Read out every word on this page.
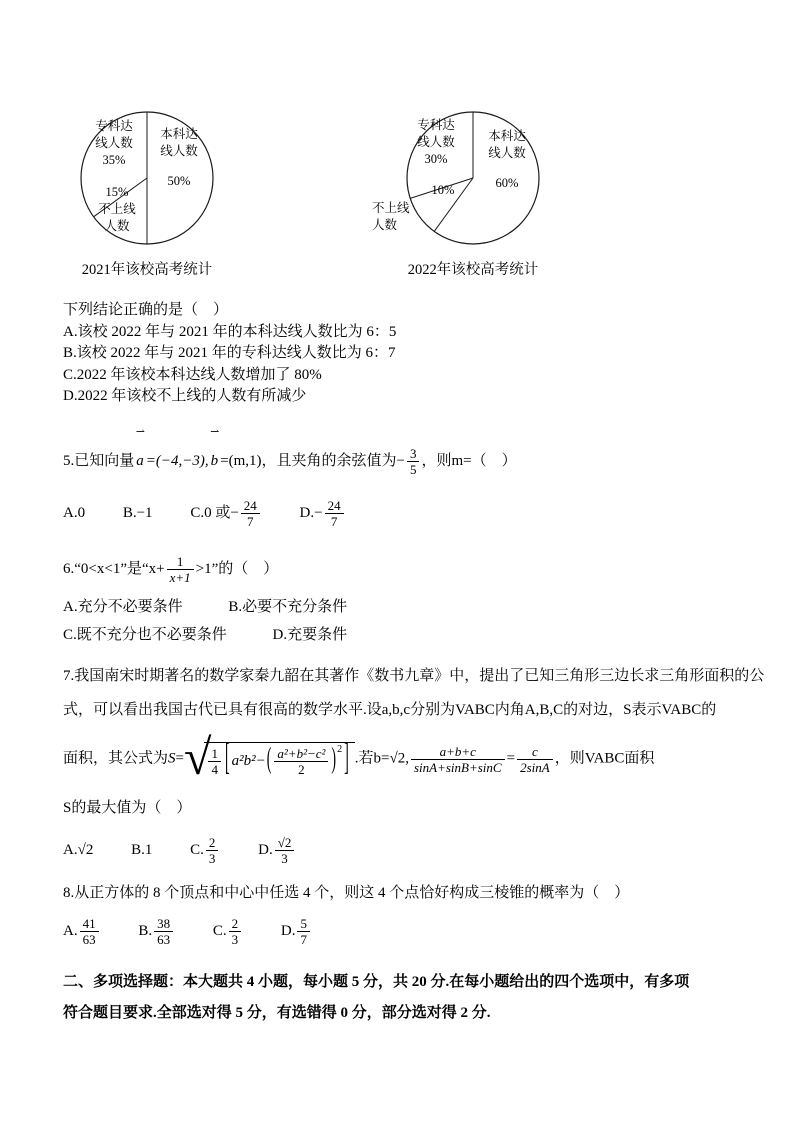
本科达
线人数
50%
专科达
线人数
35%
15%
不上线
人数
2021年该校高考统计
本科达
线人数
60%
专科达
线人数
30%
10%
不上线
人数
2022年该校高考统计

下列结论正确的是（　）

A.该校 2022 年与 2021 年的本科达线人数比为 6：5

B.该校 2022 年与 2021 年的专科达线人数比为 6：7

C.2022 年该校本科达线人数增加了 80%

D.2022 年该校不上线的人数有所减少

5.已知向量
⇀
a =(−4,−3),
⇀
b =(m,1)，且夹角的余弦值为− $\frac{3}{5}$ ，则m=（　）

A.0	B.−1	C.0 或− $\frac{24}{7}$	$D.- \frac{24}{7}$

6.“0<x<1”是“$x+ \frac{1}{x+1} >1$”的（　）

A.充分不必要条件	B.必要不充分条件

C.既不充分也不必要条件	D.充要条件

7.我国南宋时期著名的数学家秦九韶在其著作《数书九章》中，提出了已知三角形三边长求三角形面积的公

式，可以看出我国古代已具有很高的数学水平.设a,b,c分别为VABC内角A,B,C的对边，S表示VABC的

面积，其公式为S= √
$\frac{1}{4}$ [ a²b²− ( $\frac{\text{a²+b²−c²}}{2} )^2$ ] .若b=√2, $\frac{a+b+c}{\sin A+\sin B+\sin C} = \frac{c}{2\sin A}$ ，则VABC面积

S的最大值为（　）

A.√2	B.1	C. $\frac{2}{3}$	D. $\frac{√2}{3}$

8.从正方体的 8 个顶点和中心中任选 4 个，则这 4 个点恰好构成三棱锥的概率为（　）

A. $\frac{41}{63}$	B. $\frac{38}{63}$	C. $\frac{2}{3}$	D. $\frac{5}{7}$

二、多项选择题：本大题共 4 小题，每小题 5 分，共 20 分.在每小题给出的四个选项中，有多项

符合题目要求.全部选对得 5 分，有选错得 0 分，部分选对得 2 分.
